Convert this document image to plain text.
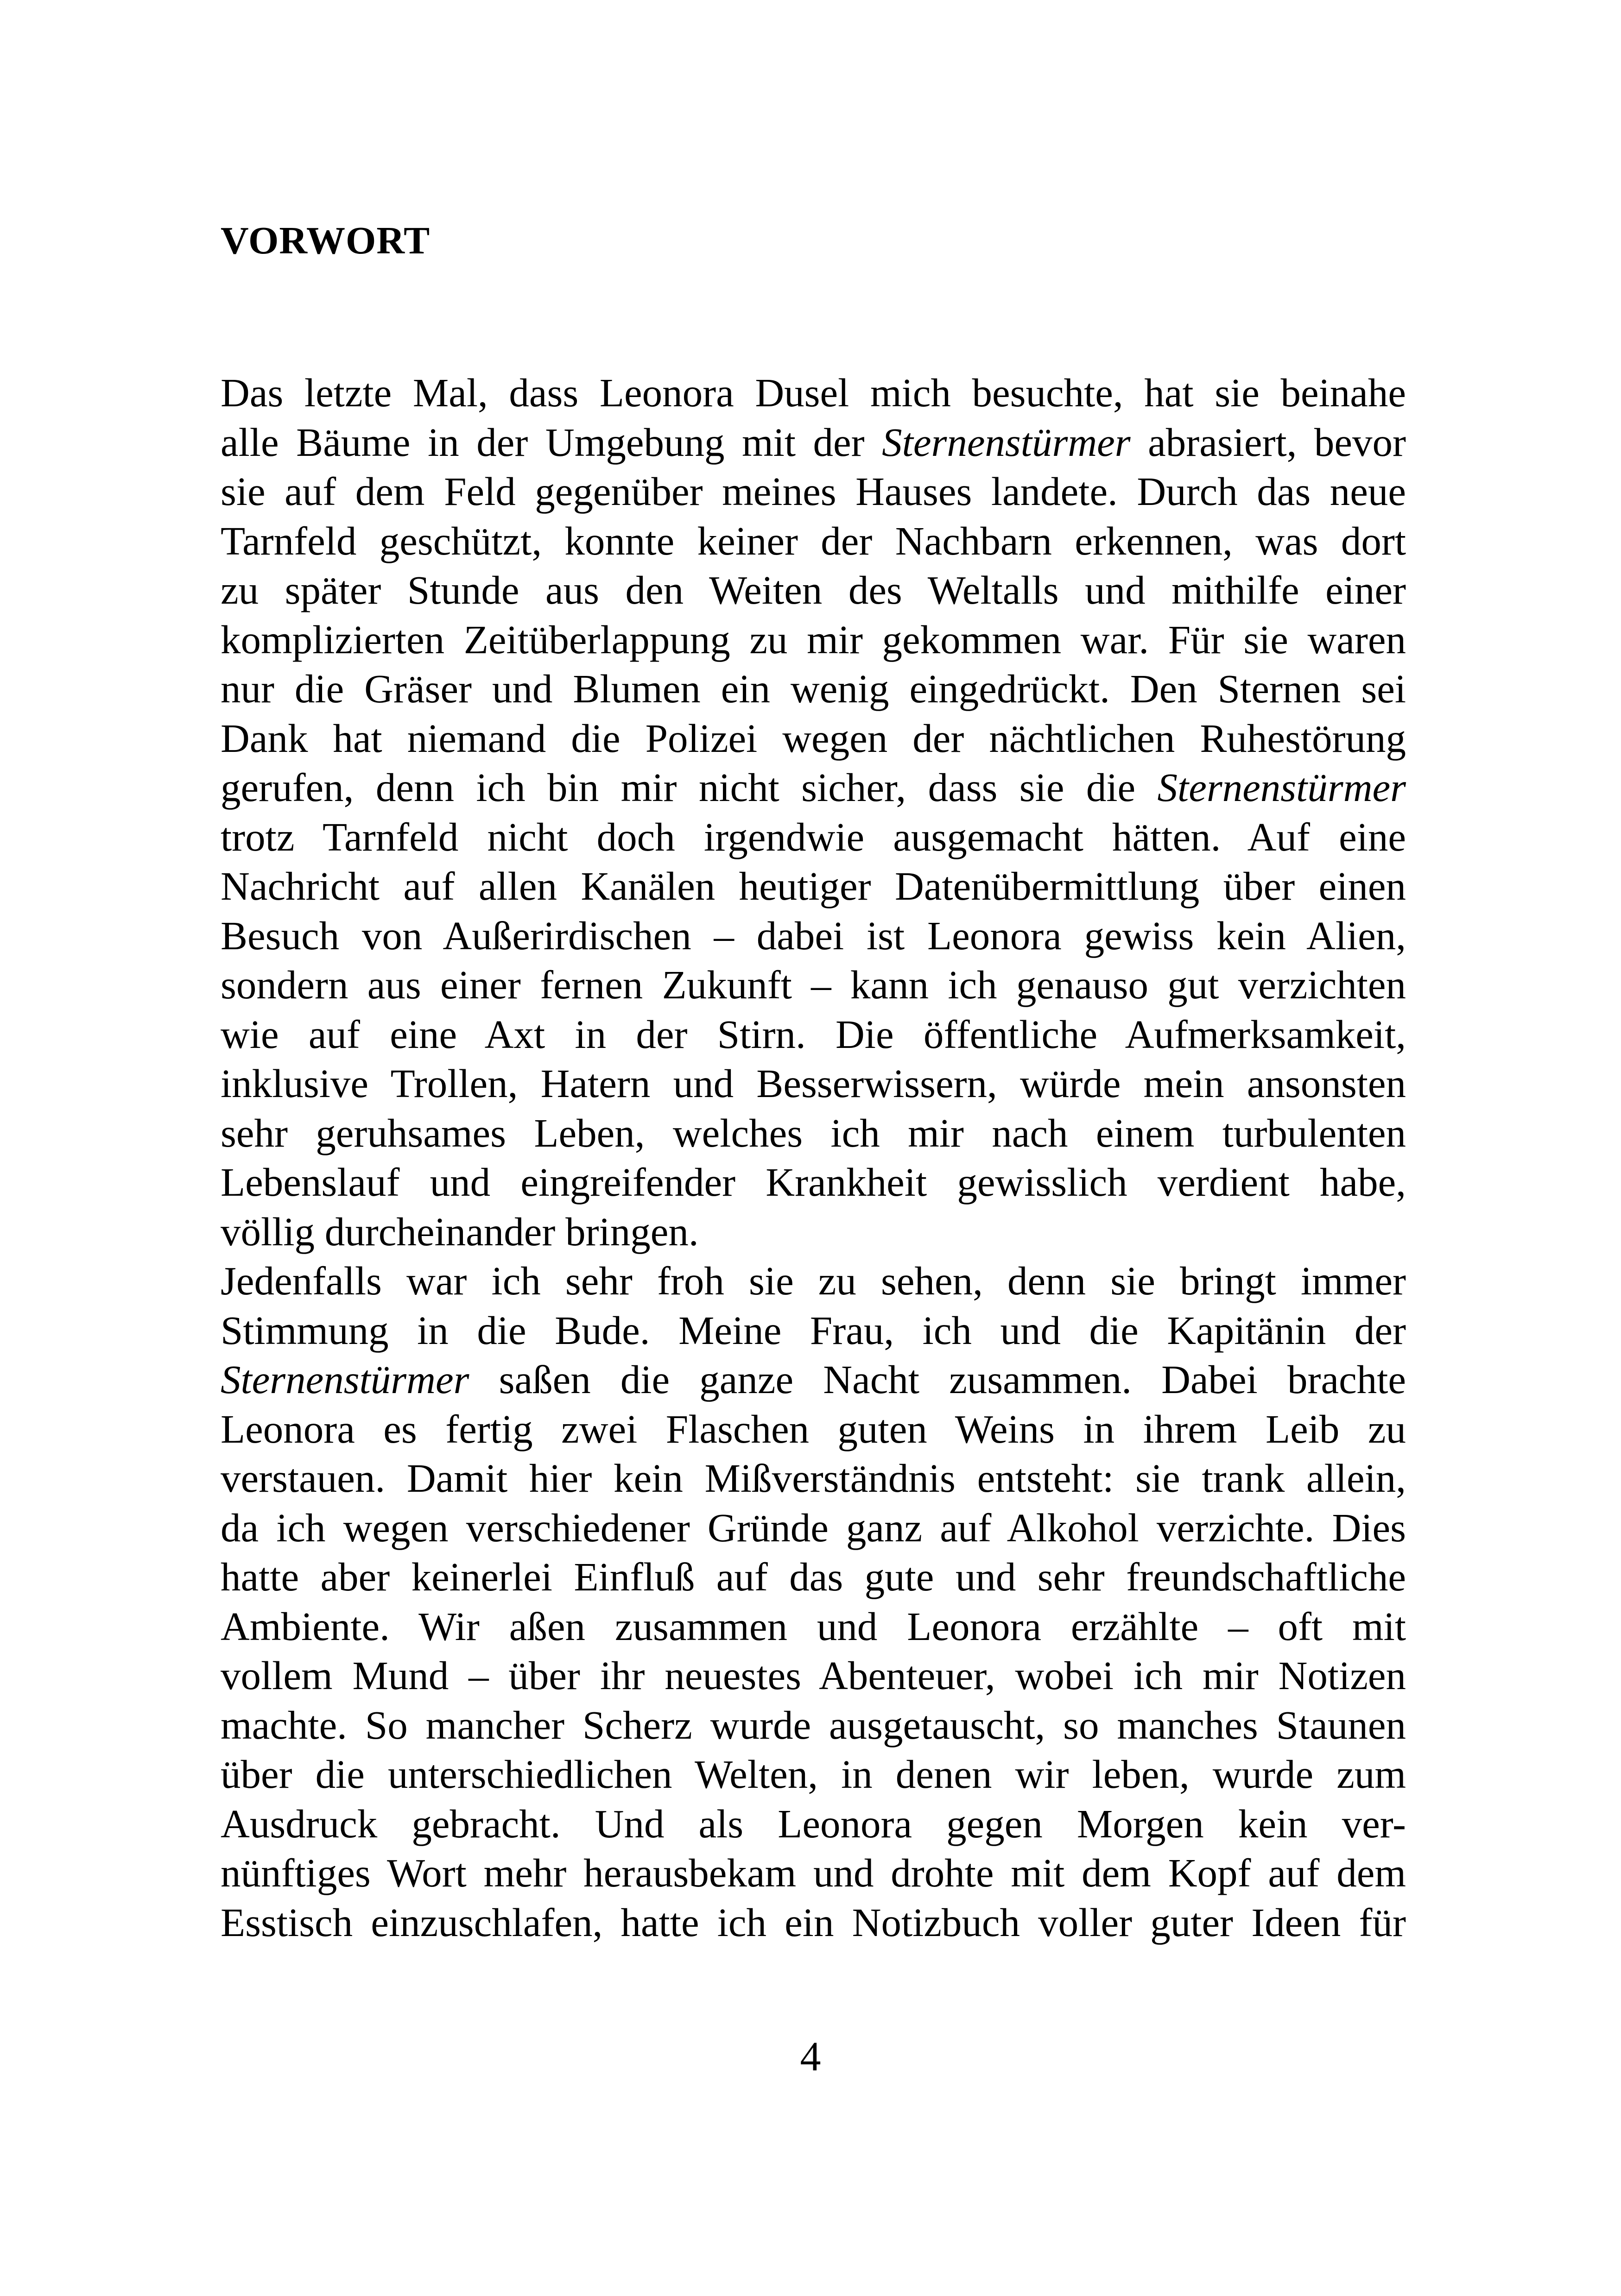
VORWORT
Das letzte Mal, dass Leonora Dusel mich besuchte, hat sie beinahe
alle Bäume in der Umgebung mit der Sternenstürmer abrasiert, bevor
sie auf dem Feld gegenüber meines Hauses landete. Durch das neue
Tarnfeld geschützt, konnte keiner der Nachbarn erkennen, was dort
zu später Stunde aus den Weiten des Weltalls und mithilfe einer
komplizierten Zeitüberlappung zu mir gekommen war. Für sie waren
nur die Gräser und Blumen ein wenig eingedrückt. Den Sternen sei
Dank hat niemand die Polizei wegen der nächtlichen Ruhestörung
gerufen, denn ich bin mir nicht sicher, dass sie die Sternenstürmer
trotz Tarnfeld nicht doch irgendwie ausgemacht hätten. Auf eine
Nachricht auf allen Kanälen heutiger Datenübermittlung über einen
Besuch von Außerirdischen – dabei ist Leonora gewiss kein Alien,
sondern aus einer fernen Zukunft – kann ich genauso gut verzichten
wie auf eine Axt in der Stirn. Die öffentliche Aufmerksamkeit,
inklusive Trollen, Hatern und Besserwissern, würde mein ansonsten
sehr geruhsames Leben, welches ich mir nach einem turbulenten
Lebenslauf und eingreifender Krankheit gewisslich verdient habe,
völlig durcheinander bringen.
Jedenfalls war ich sehr froh sie zu sehen, denn sie bringt immer
Stimmung in die Bude. Meine Frau, ich und die Kapitänin der
Sternenstürmer saßen die ganze Nacht zusammen. Dabei brachte
Leonora es fertig zwei Flaschen guten Weins in ihrem Leib zu
verstauen. Damit hier kein Mißverständnis entsteht: sie trank allein,
da ich wegen verschiedener Gründe ganz auf Alkohol verzichte. Dies
hatte aber keinerlei Einfluß auf das gute und sehr freundschaftliche
Ambiente. Wir aßen zusammen und Leonora erzählte – oft mit
vollem Mund – über ihr neuestes Abenteuer, wobei ich mir Notizen
machte. So mancher Scherz wurde ausgetauscht, so manches Staunen
über die unterschiedlichen Welten, in denen wir leben, wurde zum
Ausdruck gebracht. Und als Leonora gegen Morgen kein ver-
nünftiges Wort mehr herausbekam und drohte mit dem Kopf auf dem
Esstisch einzuschlafen, hatte ich ein Notizbuch voller guter Ideen für
4
